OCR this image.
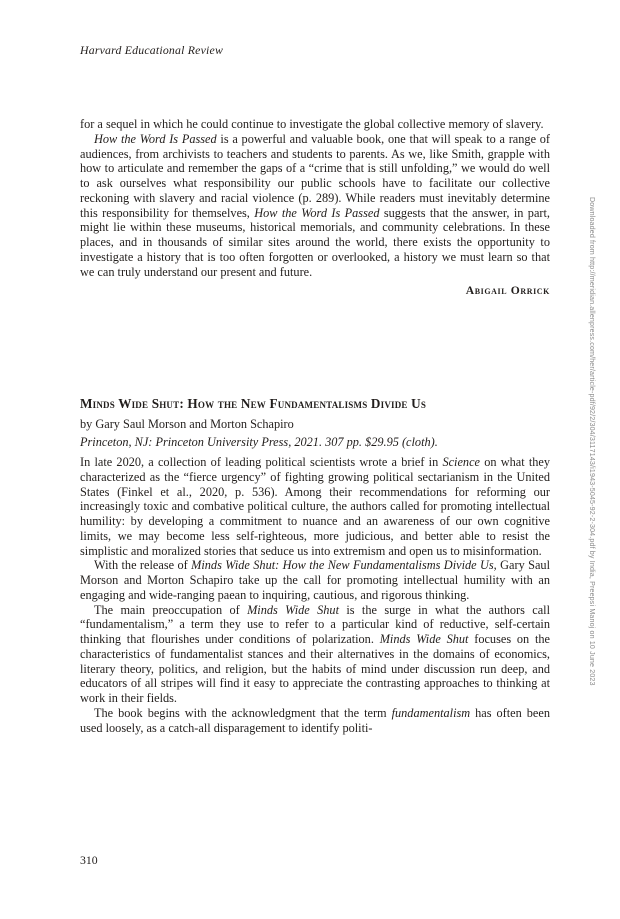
Harvard Educational Review
Downloaded from http://meridian.allenpress.com/her/article-pdf/92/2/304/3117143/i1943-5045-92-2-304.pdf by India, Preepsi Manoj on 10 June 2023

for a sequel in which he could continue to investigate the global collective memory of slavery.

How the Word Is Passed is a powerful and valuable book, one that will speak to a range of audiences, from archivists to teachers and students to parents. As we, like Smith, grapple with how to articulate and remember the gaps of a “crime that is still unfolding,” we would do well to ask ourselves what responsibility our public schools have to facilitate our collective reckoning with slavery and racial violence (p. 289). While readers must inevitably determine this responsibility for themselves, How the Word Is Passed suggests that the answer, in part, might lie within these museums, historical memorials, and community celebrations. In these places, and in thousands of similar sites around the world, there exists the opportunity to investigate a history that is too often forgotten or overlooked, a history we must learn so that we can truly understand our present and future.

Abigail Orrick
Minds Wide Shut: How the New Fundamentalisms Divide Us
by Gary Saul Morson and Morton Schapiro
Princeton, NJ: Princeton University Press, 2021. 307 pp. $29.95 (cloth).

In late 2020, a collection of leading political scientists wrote a brief in Science on what they characterized as the “fierce urgency” of fighting growing political sectarianism in the United States (Finkel et al., 2020, p. 536). Among their recommendations for reforming our increasingly toxic and combative political culture, the authors called for promoting intellectual humility: by developing a commitment to nuance and an awareness of our own cognitive limits, we may become less self-righteous, more judicious, and better able to resist the simplistic and moralized stories that seduce us into extremism and open us to misinformation.

With the release of Minds Wide Shut: How the New Fundamentalisms Divide Us, Gary Saul Morson and Morton Schapiro take up the call for promoting intellectual humility with an engaging and wide-ranging paean to inquiring, cautious, and rigorous thinking.

The main preoccupation of Minds Wide Shut is the surge in what the authors call “fundamentalism,” a term they use to refer to a particular kind of reductive, self-certain thinking that flourishes under conditions of polarization. Minds Wide Shut focuses on the characteristics of fundamentalist stances and their alternatives in the domains of economics, literary theory, politics, and religion, but the habits of mind under discussion run deep, and educators of all stripes will find it easy to appreciate the contrasting approaches to thinking at work in their fields.

The book begins with the acknowledgment that the term fundamentalism has often been used loosely, as a catch-all disparagement to identify politi-

310
